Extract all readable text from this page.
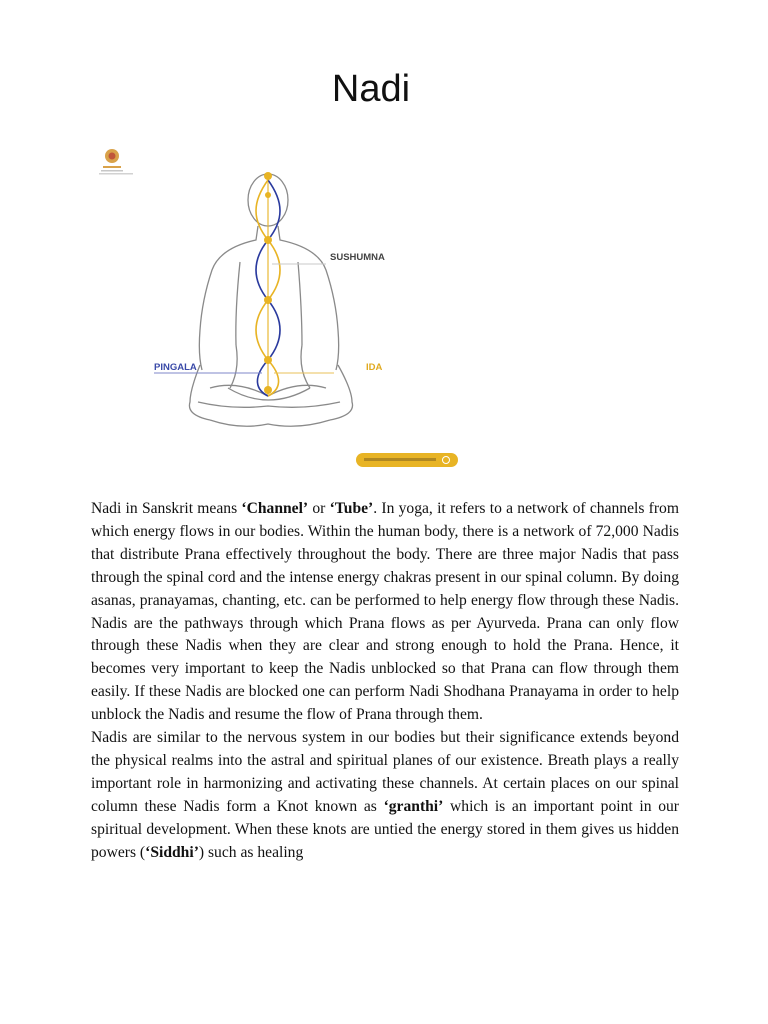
Nadi
SUSHUMNA
PINGALA	IDA

Nadi in Sanskrit means ‘Channel’ or ‘Tube’. In yoga, it refers to a network of channels from which energy flows in our bodies. Within the human body, there is a network of 72,000 Nadis that distribute Prana effectively throughout the body. There are three major Nadis that pass through the spinal cord and the intense energy chakras present in our spinal column. By doing asanas, pranayamas, chanting, etc. can be performed to help energy flow through these Nadis. Nadis are the pathways through which Prana flows as per Ayurveda. Prana can only flow through these Nadis when they are clear and strong enough to hold the Prana. Hence, it becomes very important to keep the Nadis unblocked so that Prana can flow through them easily. If these Nadis are blocked one can perform Nadi Shodhana Pranayama in order to help unblock the Nadis and resume the flow of Prana through them.

Nadis are similar to the nervous system in our bodies but their significance extends beyond the physical realms into the astral and spiritual planes of our existence. Breath plays a really important role in harmonizing and activating these channels. At certain places on our spinal column these Nadis form a Knot known as ‘granthi’ which is an important point in our spiritual development. When these knots are untied the energy stored in them gives us hidden powers (‘Siddhi’) such as healing
